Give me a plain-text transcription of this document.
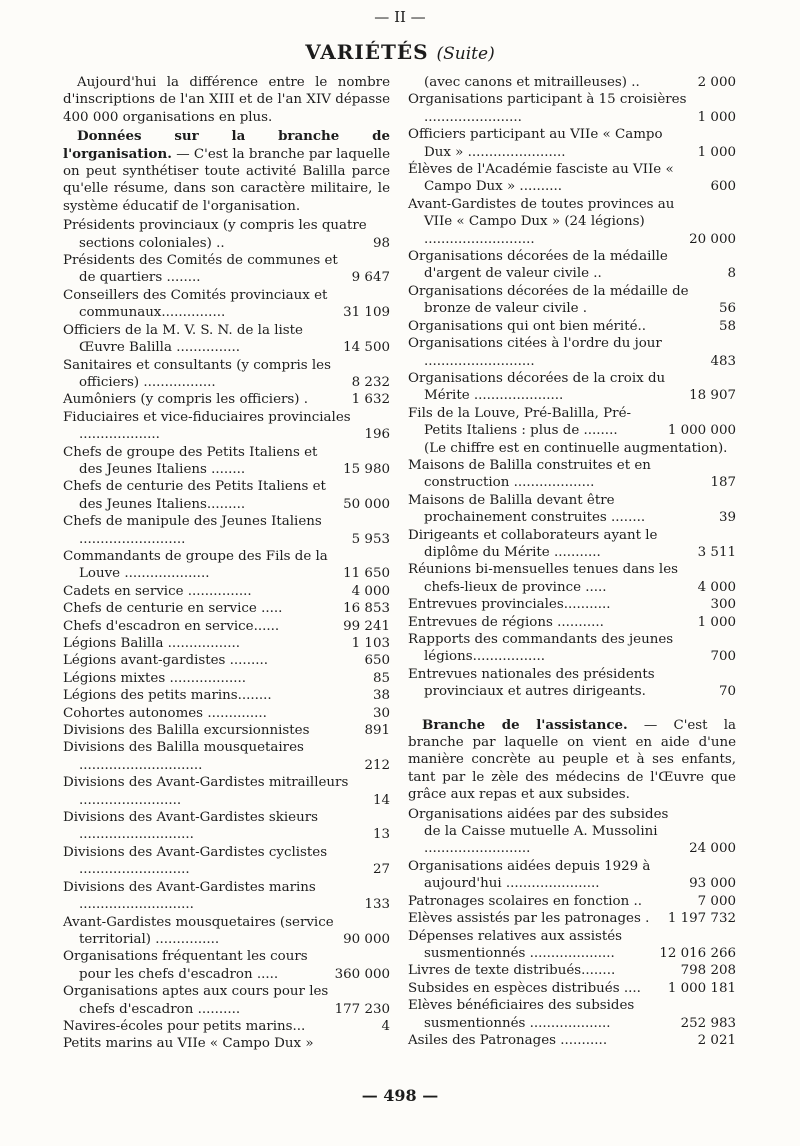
— II —
VARIÉTÉS (Suite)

Aujourd'hui la différence entre le nombre d'inscriptions de l'an XIII et de l'an XIV dépasse 400 000 organisations en plus.

Données sur la branche de l'organisation. — C'est la branche par laquelle on peut synthétiser toute activité Balilla parce qu'elle résume, dans son caractère militaire, le système éducatif de l'organisation.

Présidents provinciaux (y compris les quatre sections coloniales) ..	98
Présidents des Comités de communes et de quartiers ........	9 647
Conseillers des Comités provinciaux et communaux...............	31 109
Officiers de la M. V. S. N. de la liste Œuvre Balilla ...............	14 500
Sanitaires et consultants (y compris les officiers) .................	8 232
Aumôniers (y compris les officiers) .	1 632
Fiduciaires et vice-fiduciaires provinciales ...................	196
Chefs de groupe des Petits Italiens et des Jeunes Italiens ........	15 980
Chefs de centurie des Petits Italiens et des Jeunes Italiens.........	50 000
Chefs de manipule des Jeunes Italiens .........................	5 953
Commandants de groupe des Fils de la Louve ....................	11 650
Cadets en service ...............	4 000
Chefs de centurie en service .....	16 853
Chefs d'escadron en service......	99 241
Légions Balilla .................	1 103
Légions avant-gardistes .........	650
Légions mixtes ..................	85
Légions des petits marins........	38
Cohortes autonomes ..............	30
Divisions des Balilla excursionnistes	891
Divisions des Balilla mousquetaires .............................	212
Divisions des Avant-Gardistes mitrailleurs ........................	14
Divisions des Avant-Gardistes skieurs ...........................	13
Divisions des Avant-Gardistes cyclistes ..........................	27
Divisions des Avant-Gardistes marins ...........................	133
Avant-Gardistes mousquetaires (service territorial) ...............	90 000
Organisations fréquentant les cours pour les chefs d'escadron .....	360 000
Organisations aptes aux cours pour les chefs d'escadron ..........	177 230
Navires-écoles pour petits marins...	4
Petits marins au VIIe « Campo Dux »
(avec canons et mitrailleuses) ..	2 000
Organisations participant à 15 croisières .......................	1 000
Officiers participant au VIIe « Campo Dux » .......................	1 000
Élèves de l'Académie fasciste au VIIe « Campo Dux » ..........	600
Avant-Gardistes de toutes provinces au VIIe « Campo Dux » (24 légions) ..........................	20 000
Organisations décorées de la médaille d'argent de valeur civile ..	8
Organisations décorées de la médaille de bronze de valeur civile .	56
Organisations qui ont bien mérité..	58
Organisations citées à l'ordre du jour ..........................	483
Organisations décorées de la croix du Mérite .....................	18 907
Fils de la Louve, Pré-Balilla, Pré-Petits Italiens : plus de ........	1 000 000
(Le chiffre est en continuelle augmentation).
Maisons de Balilla construites et en construction ...................	187
Maisons de Balilla devant être prochainement construites ........	39
Dirigeants et collaborateurs ayant le diplôme du Mérite ...........	3 511
Réunions bi-mensuelles tenues dans les chefs-lieux de province .....	4 000
Entrevues provinciales...........	300
Entrevues de régions ...........	1 000
Rapports des commandants des jeunes légions.................	700
Entrevues nationales des présidents provinciaux et autres dirigeants.	70

Branche de l'assistance. — C'est la branche par laquelle on vient en aide d'une manière concrète au peuple et à ses enfants, tant par le zèle des médecins de l'Œuvre que grâce aux repas et aux subsides.

Organisations aidées par des subsides de la Caisse mutuelle A. Mussolini .........................	24 000
Organisations aidées depuis 1929 à aujourd'hui ......................	93 000
Patronages scolaires en fonction ..	7 000
Elèves assistés par les patronages .	1 197 732
Dépenses relatives aux assistés susmentionnés ....................	12 016 266
Livres de texte distribués........	798 208
Subsides en espèces distribués ....	1 000 181
Elèves bénéficiaires des subsides susmentionnés ...................	252 983
Asiles des Patronages ...........	2 021
— 498 —
